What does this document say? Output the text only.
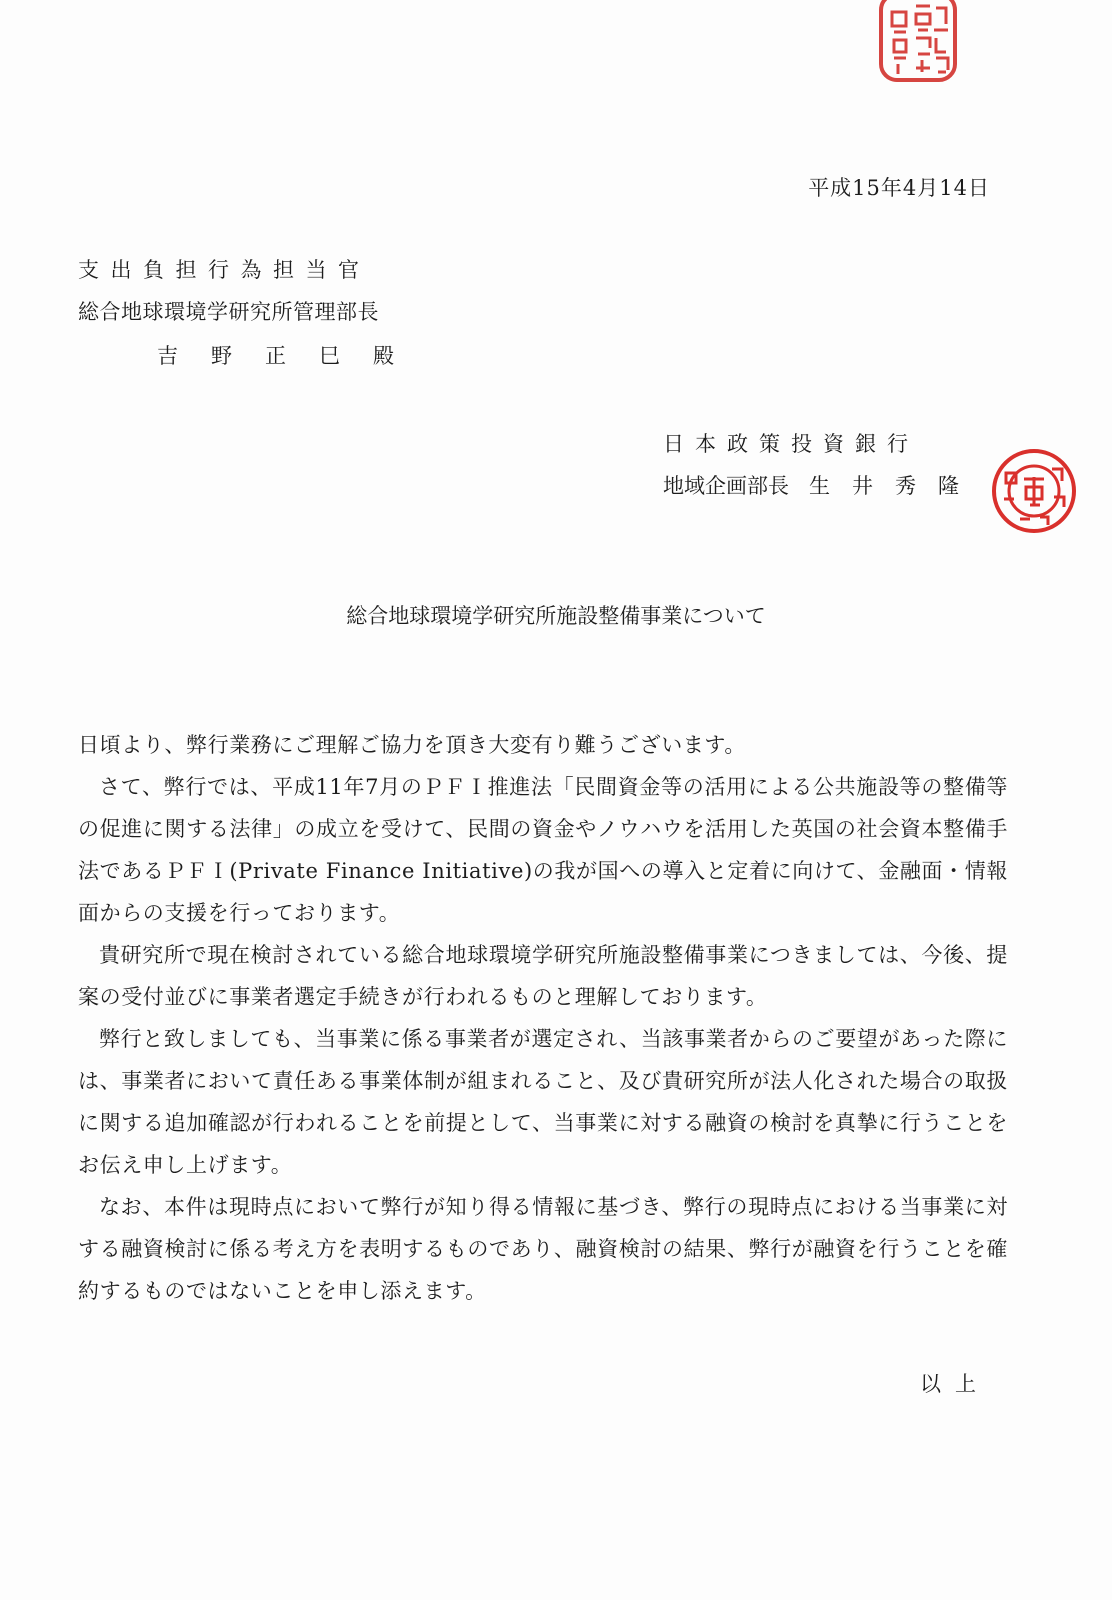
平成15年4月14日
支出負担行為担当官
総合地球環境学研究所管理部長
吉野正巳殿
日本政策投資銀行
地域企画部長 生井秀隆
総合地球環境学研究所施設整備事業について

日頃より、弊行業務にご理解ご協力を頂き大変有り難うございます。

さて、弊行では、平成11年7月のＰＦＩ推進法「民間資金等の活用による公共施設等の整備等の促進に関する法律」の成立を受けて、民間の資金やノウハウを活用した英国の社会資本整備手法であるＰＦＩ(Private Finance Initiative)の我が国への導入と定着に向けて、金融面・情報面からの支援を行っております。

貴研究所で現在検討されている総合地球環境学研究所施設整備事業につきましては、今後、提案の受付並びに事業者選定手続きが行われるものと理解しております。

弊行と致しましても、当事業に係る事業者が選定され、当該事業者からのご要望があった際には、事業者において責任ある事業体制が組まれること、及び貴研究所が法人化された場合の取扱に関する追加確認が行われることを前提として、当事業に対する融資の検討を真摯に行うことをお伝え申し上げます。

なお、本件は現時点において弊行が知り得る情報に基づき、弊行の現時点における当事業に対する融資検討に係る考え方を表明するものであり、融資検討の結果、弊行が融資を行うことを確約するものではないことを申し添えます。

以上
